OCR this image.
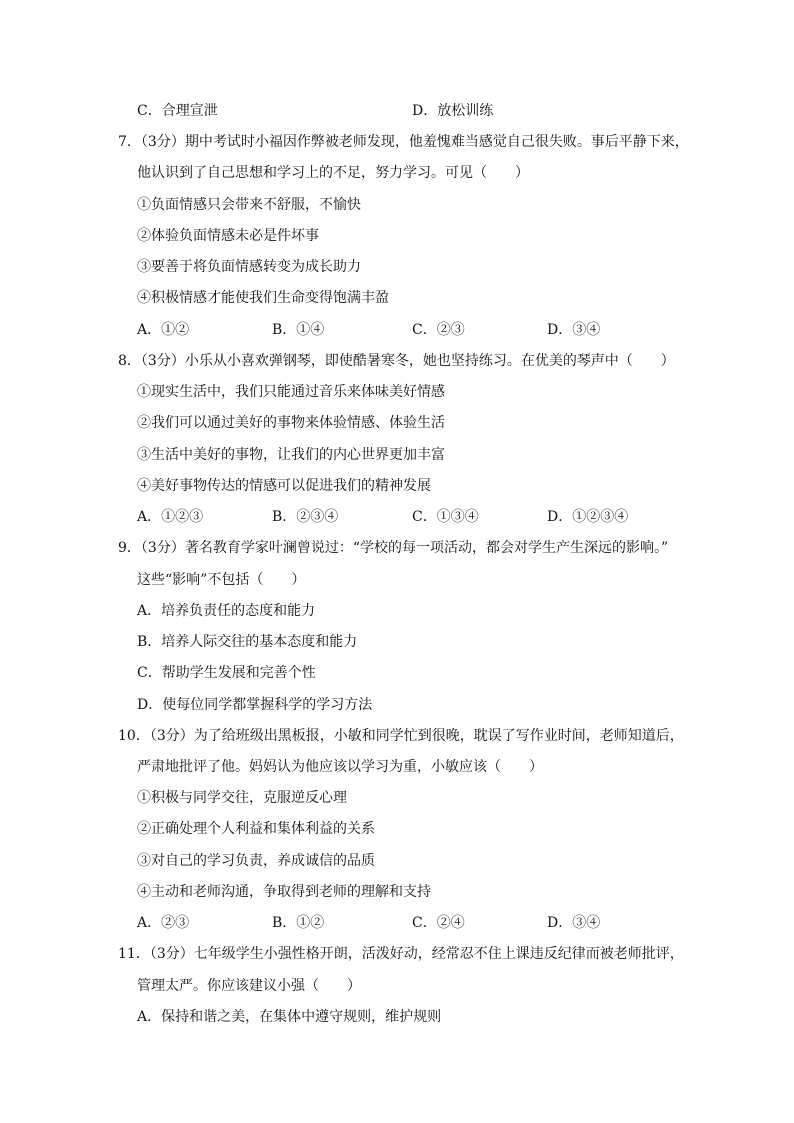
C．合理宣泄	D．放松训练
7．（3分）期中考试时小福因作弊被老师发现，他羞愧难当感觉自己很失败。事后平静下来，
他认识到了自己思想和学习上的不足，努力学习。可见（　　）
①负面情感只会带来不舒服，不愉快
②体验负面情感未必是件坏事
③要善于将负面情感转变为成长助力
④积极情感才能使我们生命变得饱满丰盈
A．①②	B．①④	C．②③	D．③④
8．（3分）小乐从小喜欢弹钢琴，即使酷暑寒冬，她也坚持练习。在优美的琴声中（　　）
①现实生活中，我们只能通过音乐来体味美好情感
②我们可以通过美好的事物来体验情感、体验生活
③生活中美好的事物，让我们的内心世界更加丰富
④美好事物传达的情感可以促进我们的精神发展
A．①②③	B．②③④	C．①③④	D．①②③④
9．（3分）著名教育学家叶澜曾说过：“学校的每一项活动，都会对学生产生深远的影响。”
这些“影响”不包括（　　）
A．培养负责任的态度和能力
B．培养人际交往的基本态度和能力
C．帮助学生发展和完善个性
D．使每位同学都掌握科学的学习方法
10．（3分）为了给班级出黑板报，小敏和同学忙到很晚，耽误了写作业时间，老师知道后，
严肃地批评了他。妈妈认为他应该以学习为重，小敏应该（　　）
①积极与同学交往，克服逆反心理
②正确处理个人利益和集体利益的关系
③对自己的学习负责，养成诚信的品质
④主动和老师沟通，争取得到老师的理解和支持
A．②③	B．①②	C．②④	D．③④
11．（3分）七年级学生小强性格开朗，活泼好动，经常忍不住上课违反纪律而被老师批评，
管理太严。你应该建议小强（　　）
A．保持和谐之美，在集体中遵守规则，维护规则
